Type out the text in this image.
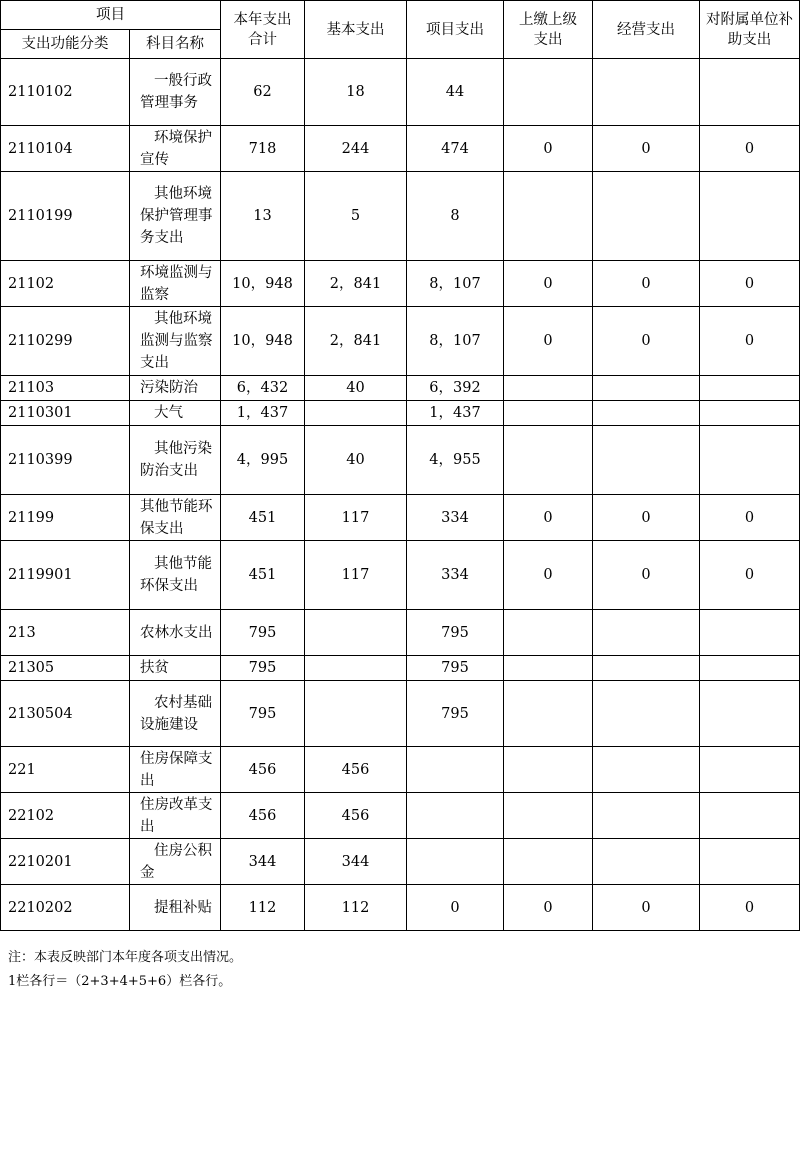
项目		本年支出合计	基本支出	项目支出	上缴上级支出	经营支出	对附属单位补助支出
支出功能分类	科目名称						
2110102	一般行政管理事务	62	18	44			
2110104	环境保护宣传	718	244	474	0	0	0
2110199	其他环境保护管理事务支出	13	5	8			
21102	环境监测与监察	10，948	2，841	8，107	0	0	0
2110299	其他环境监测与监察支出	10，948	2，841	8，107	0	0	0
21103	污染防治	6，432	40	6，392			
2110301	大气	1，437		1，437			
2110399	其他污染防治支出	4，995	40	4，955			
21199	其他节能环保支出	451	117	334	0	0	0
2119901	其他节能环保支出	451	117	334	0	0	0
213	农林水支出	795		795			
21305	扶贫	795		795			
2130504	农村基础设施建设	795		795			
221	住房保障支出	456	456				
22102	住房改革支出	456	456				
2210201	住房公积金	344	344				
2210202	提租补贴	112	112	0	0	0	0
注：本表反映部门本年度各项支出情况。
1栏各行＝（2+3+4+5+6）栏各行。
